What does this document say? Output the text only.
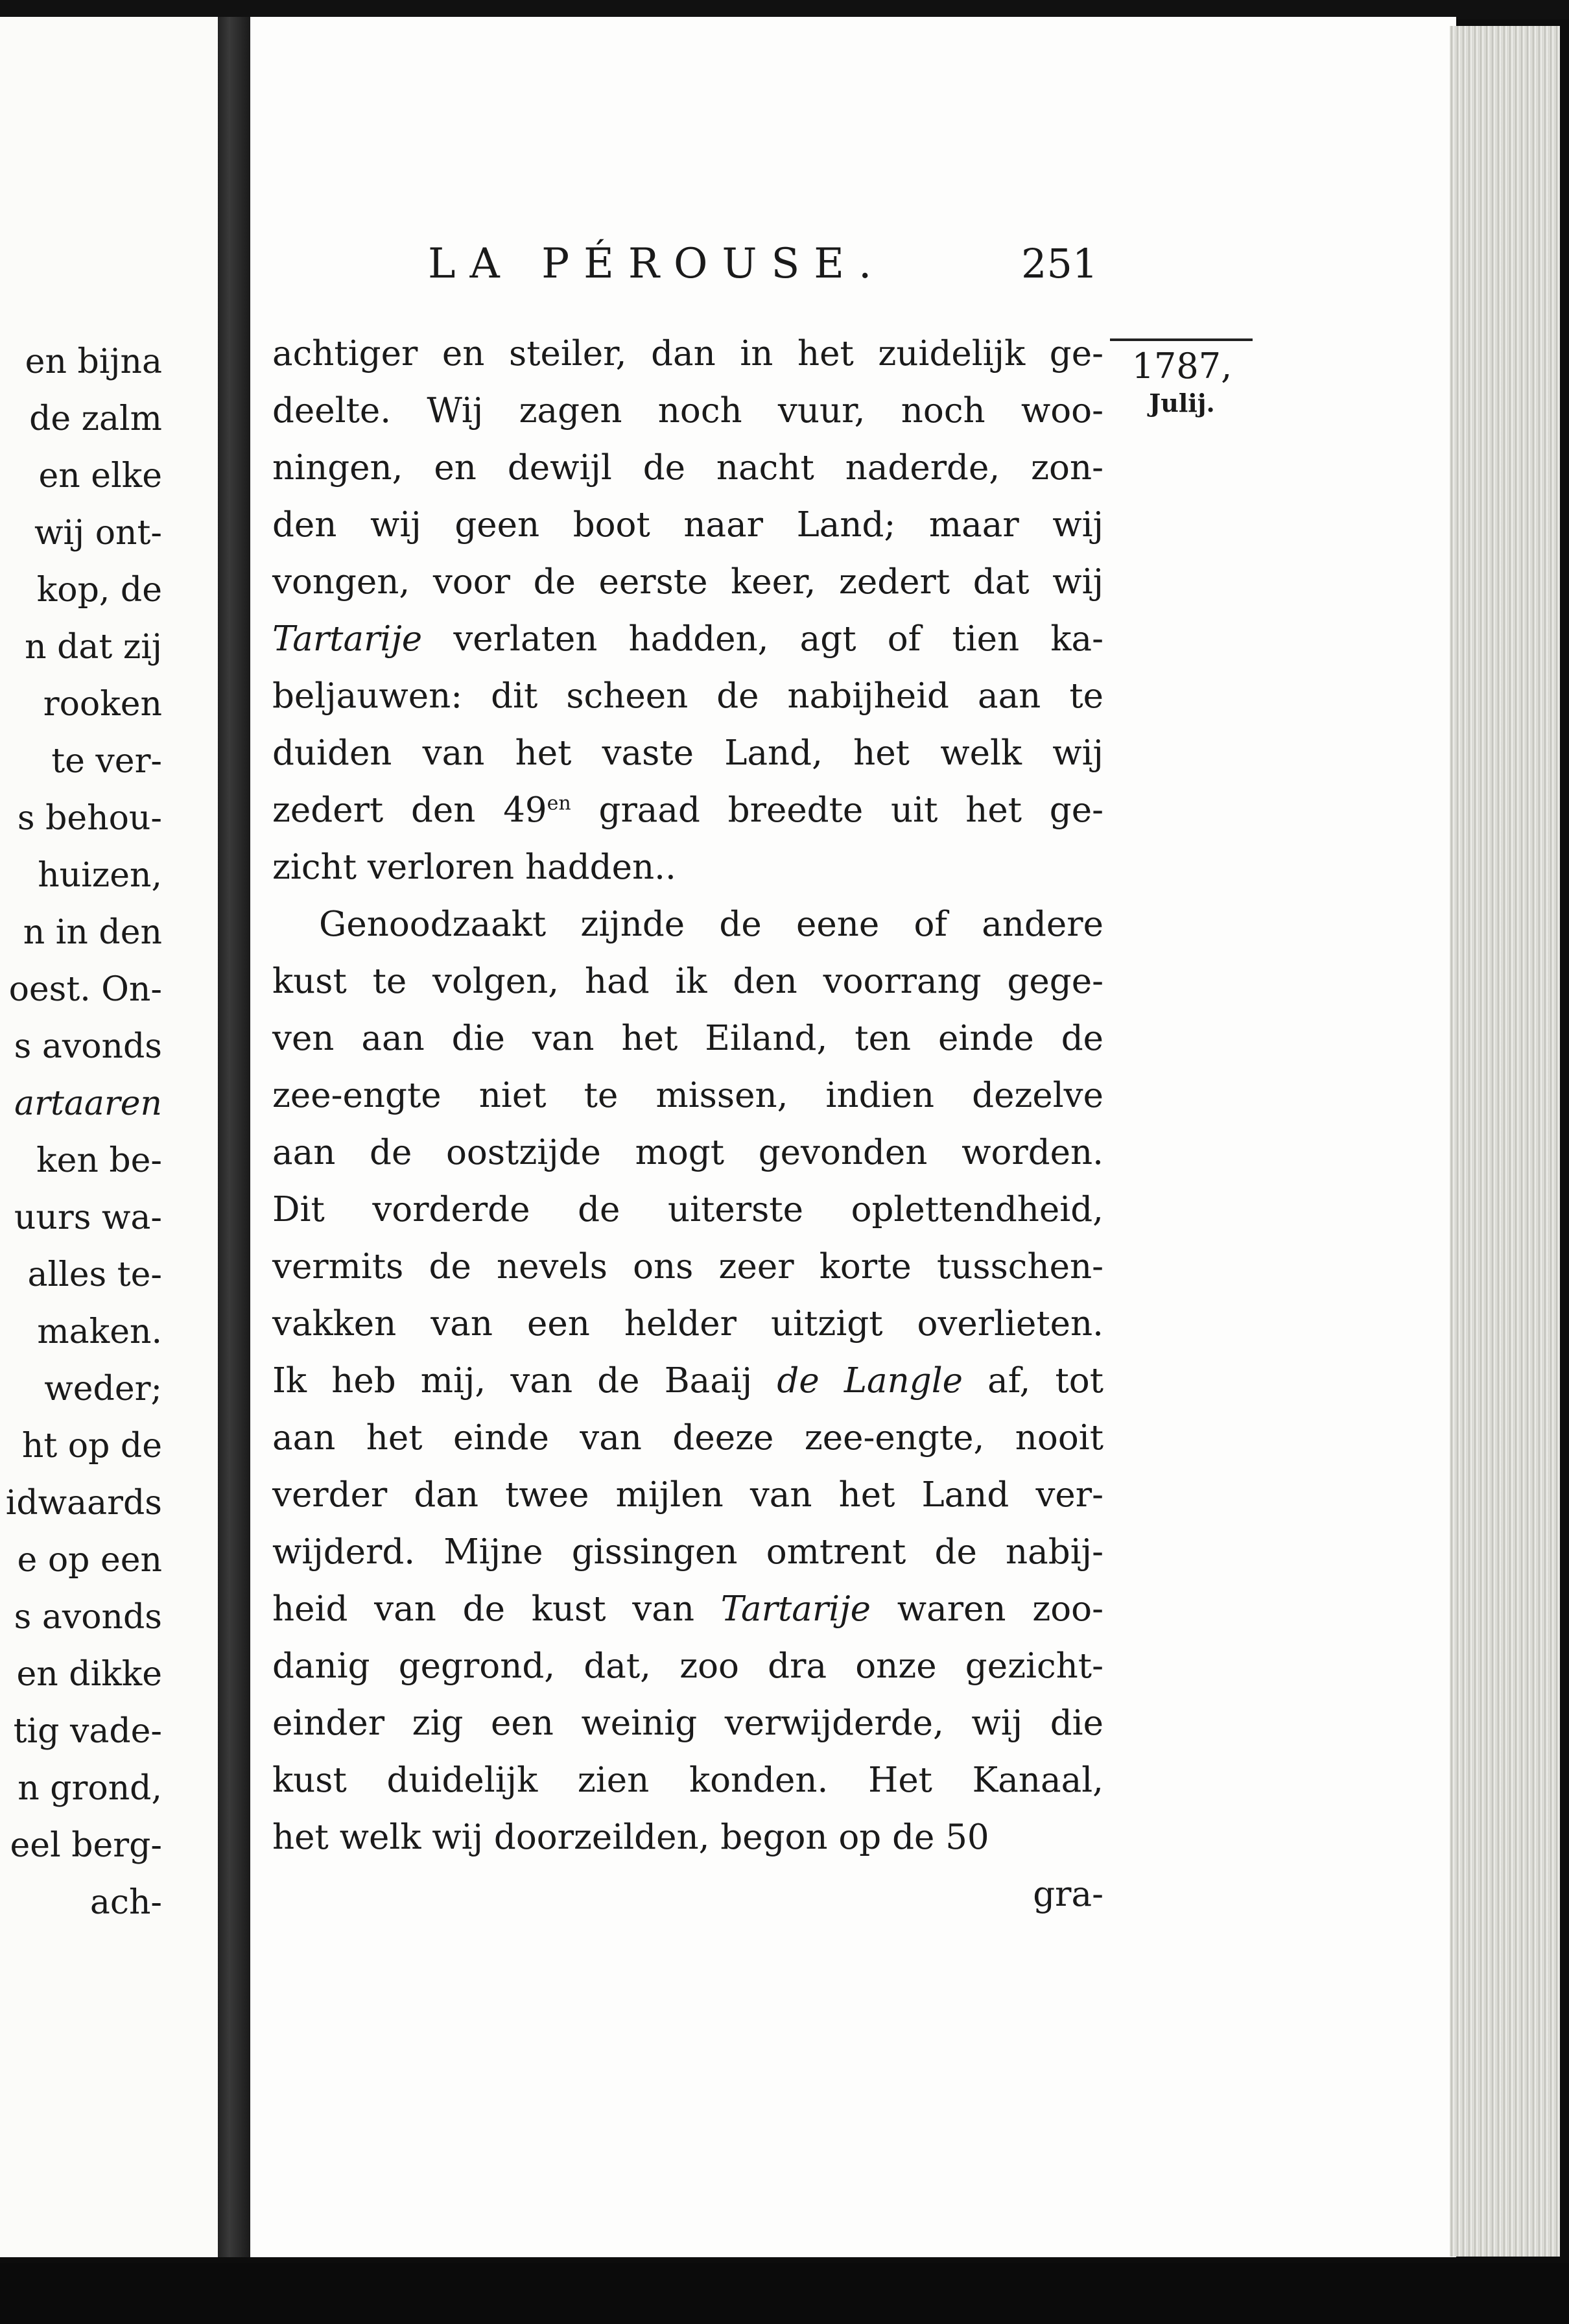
en bijna
de zalm
en elke
wij ont-
kop, de
n dat zij
rooken
te ver-
s behou-
huizen,
n in den
oest. On-
s avonds
artaaren
ken be-
uurs wa-
alles te-
maken.
weder;
ht op de
idwaards
e op een
s avonds
en dikke
tig vade-
n grond,
eel berg-
ach-
LA PÉROUSE.	251
1787,
Julij.
achtiger en steiler, dan in het zuidelijk ge-
deelte. Wij zagen noch vuur, noch woo-
ningen, en dewijl de nacht naderde, zon-
den wij geen boot naar Land; maar wij
vongen, voor de eerste keer, zedert dat wij
Tartarije verlaten hadden, agt of tien ka-
beljauwen: dit scheen de nabijheid aan te
duiden van het vaste Land, het welk wij
zedert den $49^{en}$ graad breedte uit het ge-
zicht verloren hadden..
Genoodzaakt zijnde de eene of andere
kust te volgen, had ik den voorrang gege-
ven aan die van het Eiland, ten einde de
zee-engte niet te missen, indien dezelve
aan de oostzijde mogt gevonden worden.
Dit vorderde de uiterste oplettendheid,
vermits de nevels ons zeer korte tusschen-
vakken van een helder uitzigt overlieten.
Ik heb mij, van de Baaij de Langle af, tot
aan het einde van deeze zee-engte, nooit
verder dan twee mijlen van het Land ver-
wijderd. Mijne gissingen omtrent de nabij-
heid van de kust van Tartarije waren zoo-
danig gegrond, dat, zoo dra onze gezicht-
einder zig een weinig verwijderde, wij die
kust duidelijk zien konden. Het Kanaal,
het welk wij doorzeilden, begon op de 50
gra-
